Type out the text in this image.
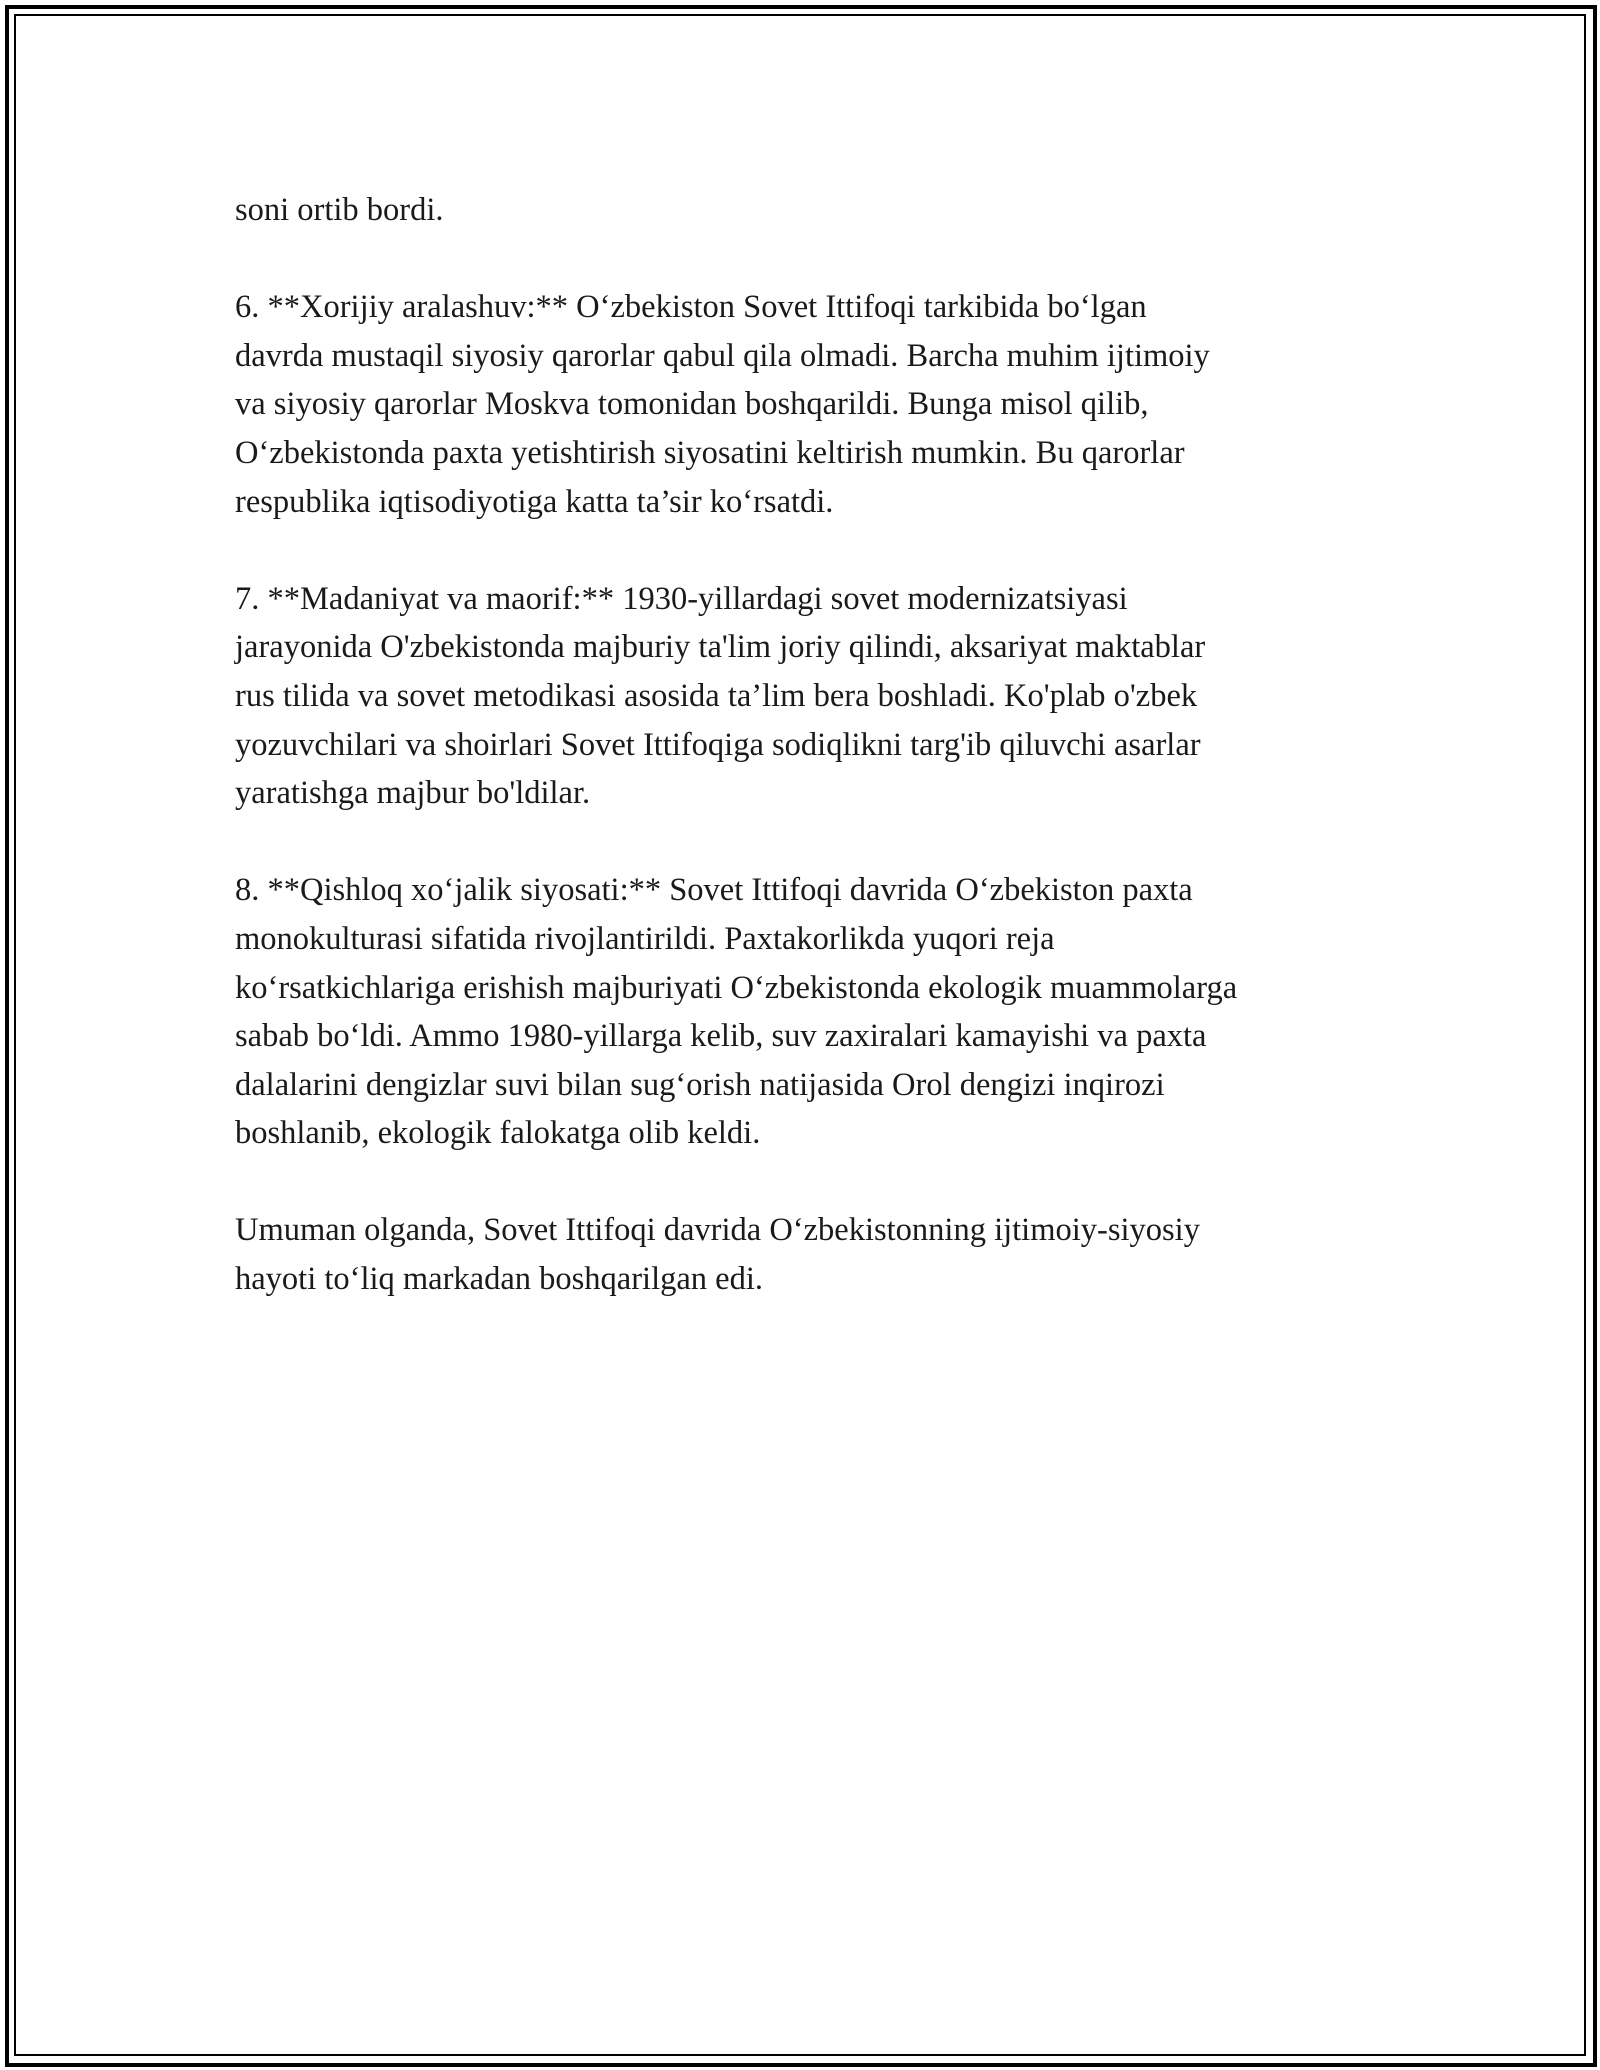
soni ortib bordi.
6. **Xorijiy aralashuv:** O‘zbekiston Sovet Ittifoqi tarkibida bo‘lgan
davrda mustaqil siyosiy qarorlar qabul qila olmadi. Barcha muhim ijtimoiy
va siyosiy qarorlar Moskva tomonidan boshqarildi. Bunga misol qilib,
O‘zbekistonda paxta yetishtirish siyosatini keltirish mumkin. Bu qarorlar
respublika iqtisodiyotiga katta ta’sir ko‘rsatdi.
7. **Madaniyat va maorif:** 1930-yillardagi sovet modernizatsiyasi
jarayonida O'zbekistonda majburiy ta'lim joriy qilindi, aksariyat maktablar
rus tilida va sovet metodikasi asosida ta’lim bera boshladi. Ko'plab o'zbek
yozuvchilari va shoirlari Sovet Ittifoqiga sodiqlikni targ'ib qiluvchi asarlar
yaratishga majbur bo'ldilar.
8. **Qishloq xo‘jalik siyosati:** Sovet Ittifoqi davrida O‘zbekiston paxta
monokulturasi sifatida rivojlantirildi. Paxtakorlikda yuqori reja
ko‘rsatkichlariga erishish majburiyati O‘zbekistonda ekologik muammolarga
sabab bo‘ldi. Ammo 1980-yillarga kelib, suv zaxiralari kamayishi va paxta
dalalarini dengizlar suvi bilan sug‘orish natijasida Orol dengizi inqirozi
boshlanib, ekologik falokatga olib keldi.
Umuman olganda, Sovet Ittifoqi davrida O‘zbekistonning ijtimoiy-siyosiy
hayoti to‘liq markadan boshqarilgan edi.
